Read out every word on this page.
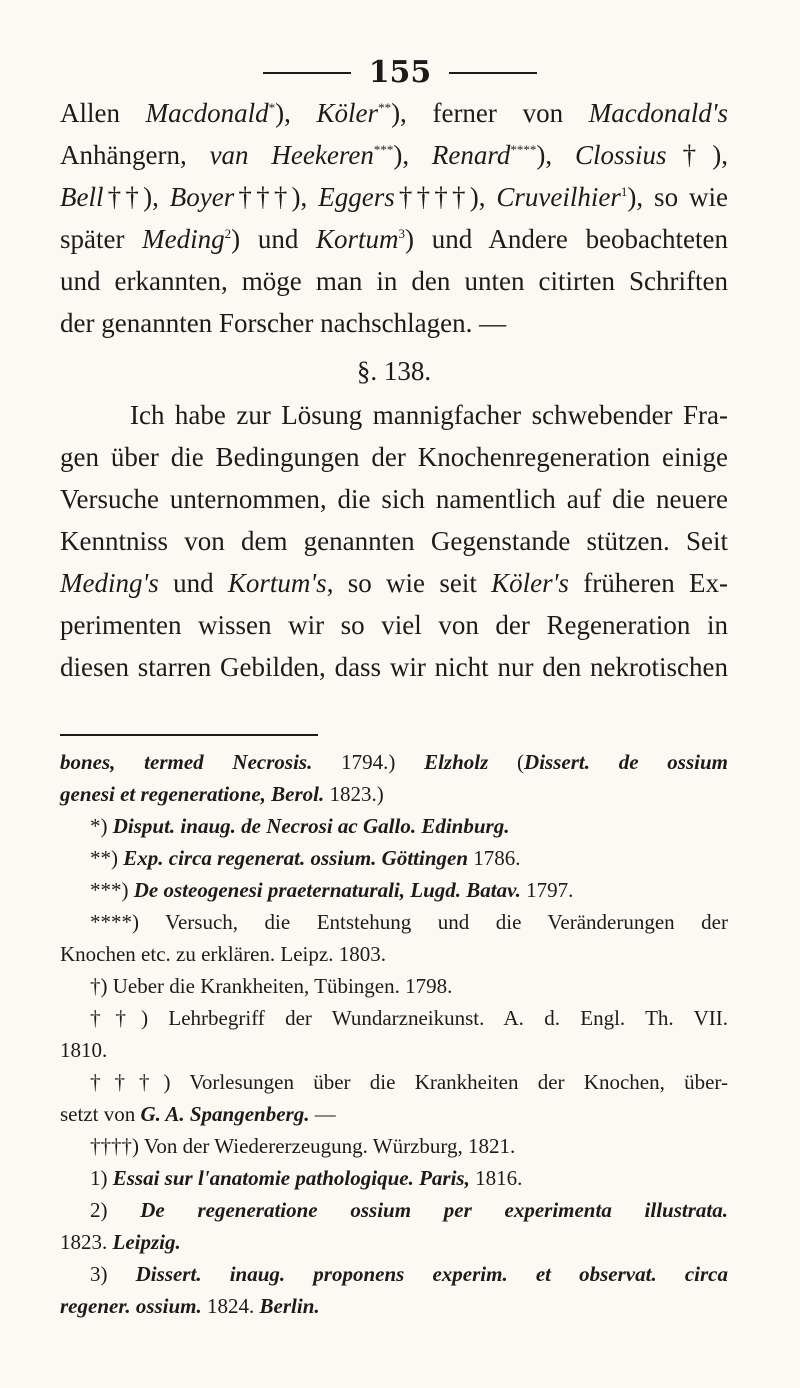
155

Allen Macdonald*), Köler**), ferner von Macdonald's

Anhängern, van Heekeren***), Renard****), Clossius†),

Bell††), Boyer†††), Eggers††††), Cruveilhier$^1$), so wie

später Meding$^2$) und Kortum$^3$) und Andere beobachteten

und erkannten, möge man in den unten citirten Schriften

der genannten Forscher nachschlagen. —

§. 138.

Ich habe zur Lösung mannigfacher schwebender Fra-

gen über die Bedingungen der Knochenregeneration einige

Versuche unternommen, die sich namentlich auf die neuere

Kenntniss von dem genannten Gegenstande stützen. Seit

Meding's und Kortum's, so wie seit Köler's früheren Ex-

perimenten wissen wir so viel von der Regeneration in

diesen starren Gebilden, dass wir nicht nur den nekrotischen

bones, termed Necrosis. 1794.) Elzholz (Dissert. de ossium

genesi et regeneratione, Berol. 1823.)

*) Disput. inaug. de Necrosi ac Gallo. Edinburg.

**) Exp. circa regenerat. ossium. Göttingen 1786.

***) De osteogenesi praeternaturali, Lugd. Batav. 1797.

****) Versuch, die Entstehung und die Veränderungen der

Knochen etc. zu erklären. Leipz. 1803.

†) Ueber die Krankheiten, Tübingen. 1798.

††) Lehrbegriff der Wundarzneikunst. A. d. Engl. Th. VII.

1810.

†††) Vorlesungen über die Krankheiten der Knochen, über-

setzt von G. A. Spangenberg. —

††††) Von der Wiedererzeugung. Würzburg, 1821.

1) Essai sur l'anatomie pathologique. Paris, 1816.

2) De regeneratione ossium per experimenta illustrata.

1823. Leipzig.

3) Dissert. inaug. proponens experim. et observat. circa

regener. ossium. 1824. Berlin.
